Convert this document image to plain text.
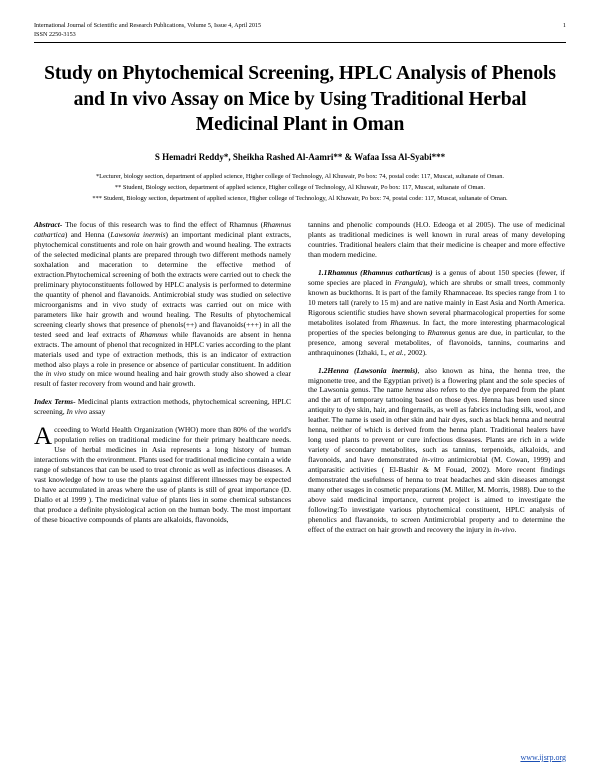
International Journal of Scientific and Research Publications, Volume 5, Issue 4, April 2015
ISSN 2250-3153
1
Study on Phytochemical Screening, HPLC Analysis of Phenols and In vivo Assay on Mice by Using Traditional Herbal Medicinal Plant in Oman
S Hemadri Reddy*, Sheikha Rashed Al-Aamri** & Wafaa Issa Al-Syabi***
*Lecturer, biology section, department of applied science, Higher college of Technology, Al Khuwair, Po box: 74, postal code: 117, Muscat, sultanate of Oman.
** Student, Biology section, department of applied science, Higher college of Technology, Al Khuwair, Po box: 117, Muscat, sultanate of Oman.
*** Student, Biology section, department of applied science, Higher college of Technology, Al Khuwair, Po box: 74, postal code: 117, Muscat, sultanate of Oman.

Abstract- The focus of this research was to find the effect of Rhamnus (Rhamnus cathartica) and Henna (Lawsonia inermis) an important medicinal plant extracts, phytochemical constituents and role on hair growth and wound healing. The extracts of the selected medicinal plants are prepared through two different methods namely soxhalation and maceration to determine the effective method of extraction.Phytochemical screening of both the extracts were carried out to check the preliminary phytoconstituents followed by HPLC analysis is performed to determine the quantity of phenol and flavanoids. Antimicrobial study was studied on selective microorganisms and in vivo study of extracts was carried out on mice with parameters like hair growth and wound healing. The Results of phytochemical screening clearly shows that presence of phenols(++) and flavanoids(+++) in all the tested seed and leaf extracts of Rhamnus while flavanoids are absent in henna extracts. The amount of phenol that recognized in HPLC varies according to the plant materials used and type of extraction methods, this is an indicator of extraction method also plays a role in presence or absence of particular constituent. In addition the in vivo study on mice wound healing and hair growth study also showed a clear result of faster recovery from wound and hair growth.

Index Terms- Medicinal plants extraction methods, phytochemical screening, HPLC screening, In vivo assay

Acceeding to World Health Organization (WHO) more than 80% of the world's population relies on traditional medicine for their primary healthcare needs. Use of herbal medicines in Asia represents a long history of human interactions with the environment. Plants used for traditional medicine contain a wide range of substances that can be used to treat chronic as well as infectious diseases. A vast knowledge of how to use the plants against different illnesses may be expected to have accumulated in areas where the use of plants is still of great importance (D. Diallo et al 1999 ). The medicinal value of plants lies in some chemical substances that produce a definite physiological action on the human body. The most important of these bioactive compounds of plants are alkaloids, flavonoids,

tannins and phenolic compounds (H.O. Edeoga et al 2005). The use of medicinal plants as traditional medicines is well known in rural areas of many developing countries. Traditional healers claim that their medicine is cheaper and more effective than modern medicine.

1.1Rhamnus (Rhamnus catharticus) is a genus of about 150 species (fewer, if some species are placed in Frangula), which are shrubs or small trees, commonly known as buckthorns. It is part of the family Rhamnaceae. Its species range from 1 to 10 meters tall (rarely to 15 m) and are native mainly in East Asia and North America. Rigorous scientific studies have shown several pharmacological properties for some metabolites isolated from Rhamnus. In fact, the more interesting pharmacological properties of the species belonging to Rhamnus genus are due, in particular, to the presence, among several metabolites, of flavonoids, tannins, coumarins and anthraquinones (Izhaki, I., et al., 2002).

1.2Henna (Lawsonia inermis), also known as hina, the henna tree, the mignonette tree, and the Egyptian privet) is a flowering plant and the sole species of the Lawsonia genus. The name henna also refers to the dye prepared from the plant and the art of temporary tattooing based on those dyes. Henna has been used since antiquity to dye skin, hair, and fingernails, as well as fabrics including silk, wool, and leather. The name is used in other skin and hair dyes, such as black henna and neutral henna, neither of which is derived from the henna plant. Traditional healers have long used plants to prevent or cure infectious diseases. Plants are rich in a wide variety of secondary metabolites, such as tannins, terpenoids, alkaloids, and flavonoids, and have demonstrated in-vitro antimicrobial (M. Cowan, 1999) and antiparasitic activities ( El-Bashir & M Fouad, 2002). More recent findings demonstrated the usefulness of henna to treat headaches and skin diseases amongst many other usages in cosmetic preparations (M. Miller, M. Morris, 1988). Due to the above said medicinal importance, current project is aimed to investigate the following:To investigate various phytochemical constituent, HPLC analysis of phenolics and flavanoids, to screen Antimicrobial property and to determine the effect of the extract on hair growth and recovery the injury in in-vivo.

www.ijsrp.org
